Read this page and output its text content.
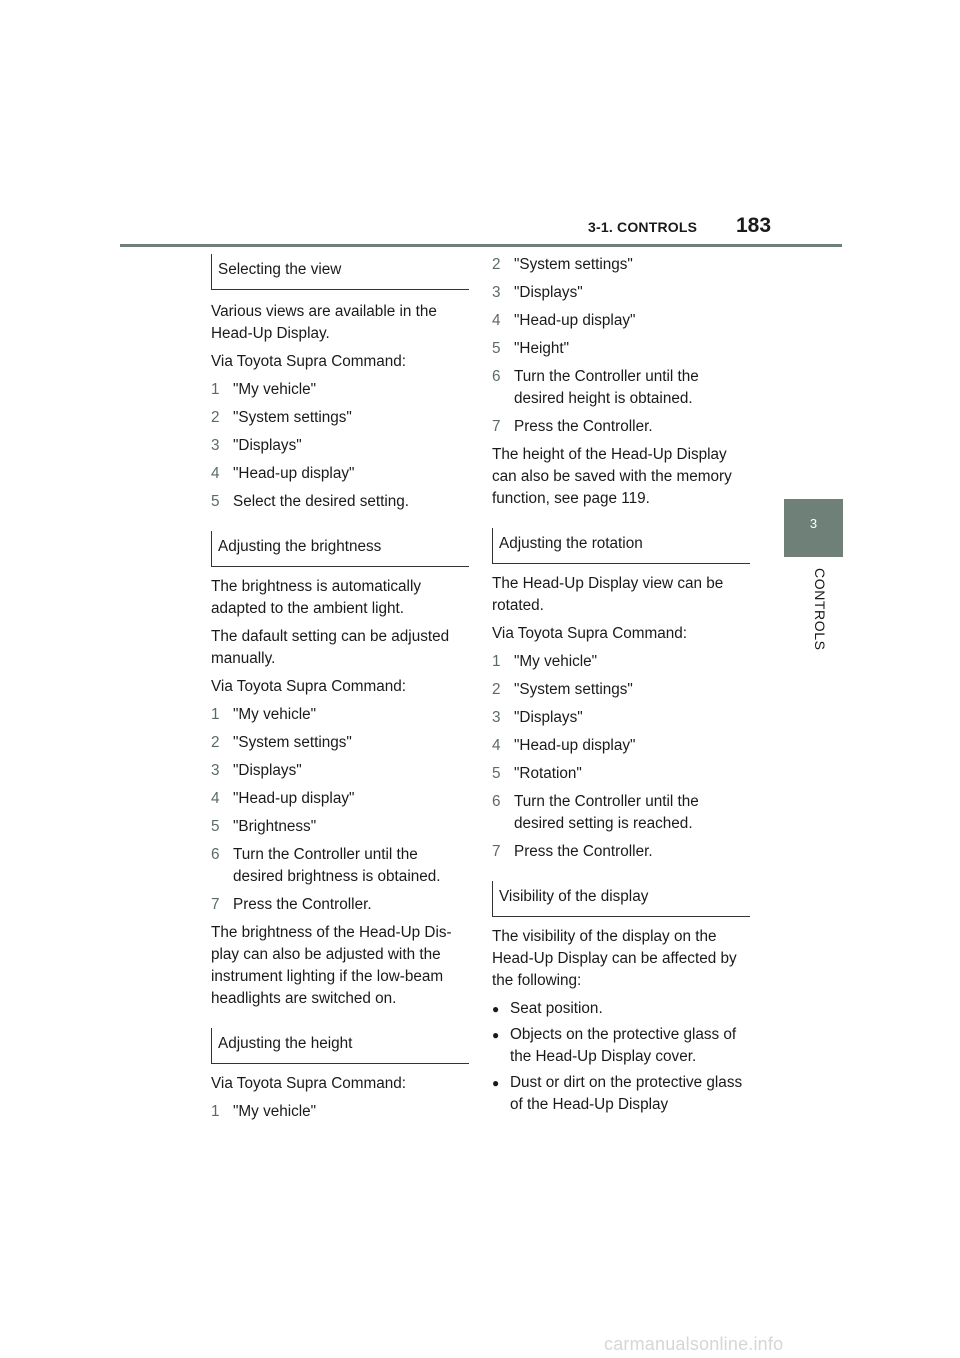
3-1. CONTROLS 183
3
CONTROLS
Selecting the view

Various views are available in the Head-Up Display.

Via Toyota Supra Command:

1 "My vehicle"
2 "System settings"
3 "Displays"
4 "Head-up display"
5 Select the desired setting.
Adjusting the brightness

The brightness is automatically adapted to the ambient light.

The dafault setting can be adjusted manually.

Via Toyota Supra Command:

1 "My vehicle"
2 "System settings"
3 "Displays"
4 "Head-up display"
5 "Brightness"
6 Turn the Controller until the desired brightness is obtained.
7 Press the Controller.

The brightness of the Head-Up Dis-play can also be adjusted with the instrument lighting if the low-beam headlights are switched on.

Adjusting the height

Via Toyota Supra Command:

1 "My vehicle"
2 "System settings"
3 "Displays"
4 "Head-up display"
5 "Height"
6 Turn the Controller until the desired height is obtained.
7 Press the Controller.

The height of the Head-Up Display can also be saved with the memory function, see page 119.

Adjusting the rotation

The Head-Up Display view can be rotated.

Via Toyota Supra Command:

1 "My vehicle"
2 "System settings"
3 "Displays"
4 "Head-up display"
5 "Rotation"
6 Turn the Controller until the desired setting is reached.
7 Press the Controller.
Visibility of the display

The visibility of the display on the Head-Up Display can be affected by the following:

● Seat position.
● Objects on the protective glass of the Head-Up Display cover.
● Dust or dirt on the protective glass of the Head-Up Display
carmanualsonline.info
